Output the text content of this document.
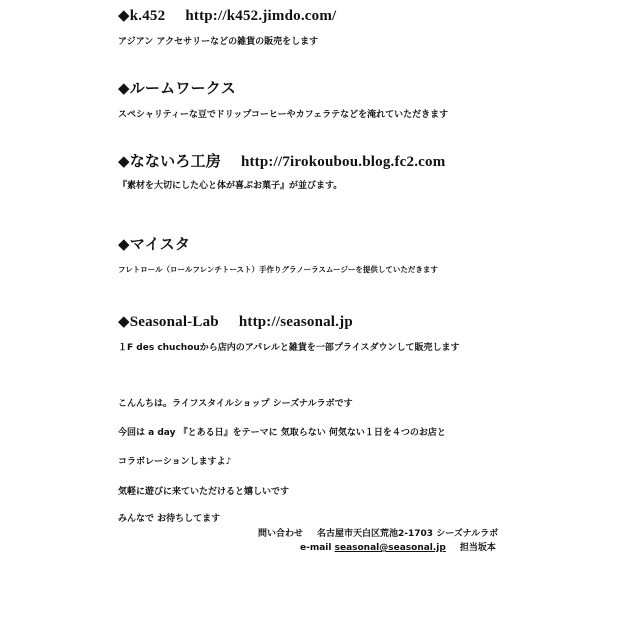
◆k.452 http://k452.jimdo.com/
アジアン アクセサリーなどの雑貨の販売をします
◆ルームワークス
スペシャリティーな豆でドリップコーヒーやカフェラテなどを淹れていただきます
◆なないろ工房 http://7irokoubou.blog.fc2.com
『素材を大切にした心と体が喜ぶお菓子』が並びます。
◆マイスタ
フレトロール（ロールフレンチトースト）手作りグラノーラスムージーを提供していただきます
◆Seasonal-Lab http://seasonal.jp
１F des chuchouから店内のアパレルと雑貨を一部プライスダウンして販売します
こんんちは。ライフスタイルショップ シーズナルラボです
今回は a day 『とある日』をテーマに 気取らない 何気ない１日を４つのお店と
コラボレーションしますよ♪
気軽に遊びに来ていただけると嬉しいです
みんなで お待ちしてます
問い合わせ 名古屋市天白区荒池2-1703 シーズナルラボ
e-mail seasonal@seasonal.jp 担当坂本
